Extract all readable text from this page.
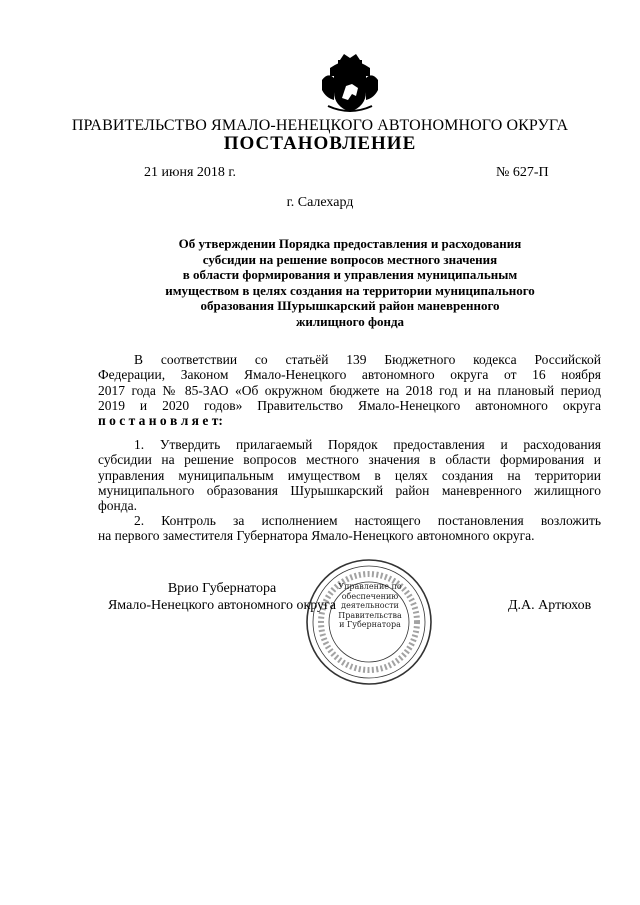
ПРАВИТЕЛЬСТВО ЯМАЛО-НЕНЕЦКОГО АВТОНОМНОГО ОКРУГА
ПОСТАНОВЛЕНИЕ
21 июня 2018 г.	№ 627-П
г. Салехард
Об утверждении Порядка предоставления и расходования
субсидии на решение вопросов местного значения
в области формирования и управления муниципальным
имуществом в целях создания на территории муниципального
образования Шурышкарский район маневренного
жилищного фонда
В соответствии со статьёй 139 Бюджетного кодекса Российской
Федерации, Законом Ямало-Ненецкого автономного округа от 16 ноября
2017 года № 85-ЗАО «Об окружном бюджете на 2018 год и на плановый период
2019 и 2020 годов» Правительство Ямало-Ненецкого автономного округа
п о с т а н о в л я е т:
1. Утвердить прилагаемый Порядок предоставления и расходования
субсидии на решение вопросов местного значения в области формирования и
управления муниципальным имуществом в целях создания на территории
муниципального образования Шурышкарский район маневренного жилищного
фонда.
2. Контроль за исполнением настоящего постановления возложить
на первого заместителя Губернатора Ямало-Ненецкого автономного округа.
Управление по
обеспечению
деятельности
Правительства
и Губернатора
Врио Губернатора
Ямало-Ненецкого автономного округа	Д.А. Артюхов
